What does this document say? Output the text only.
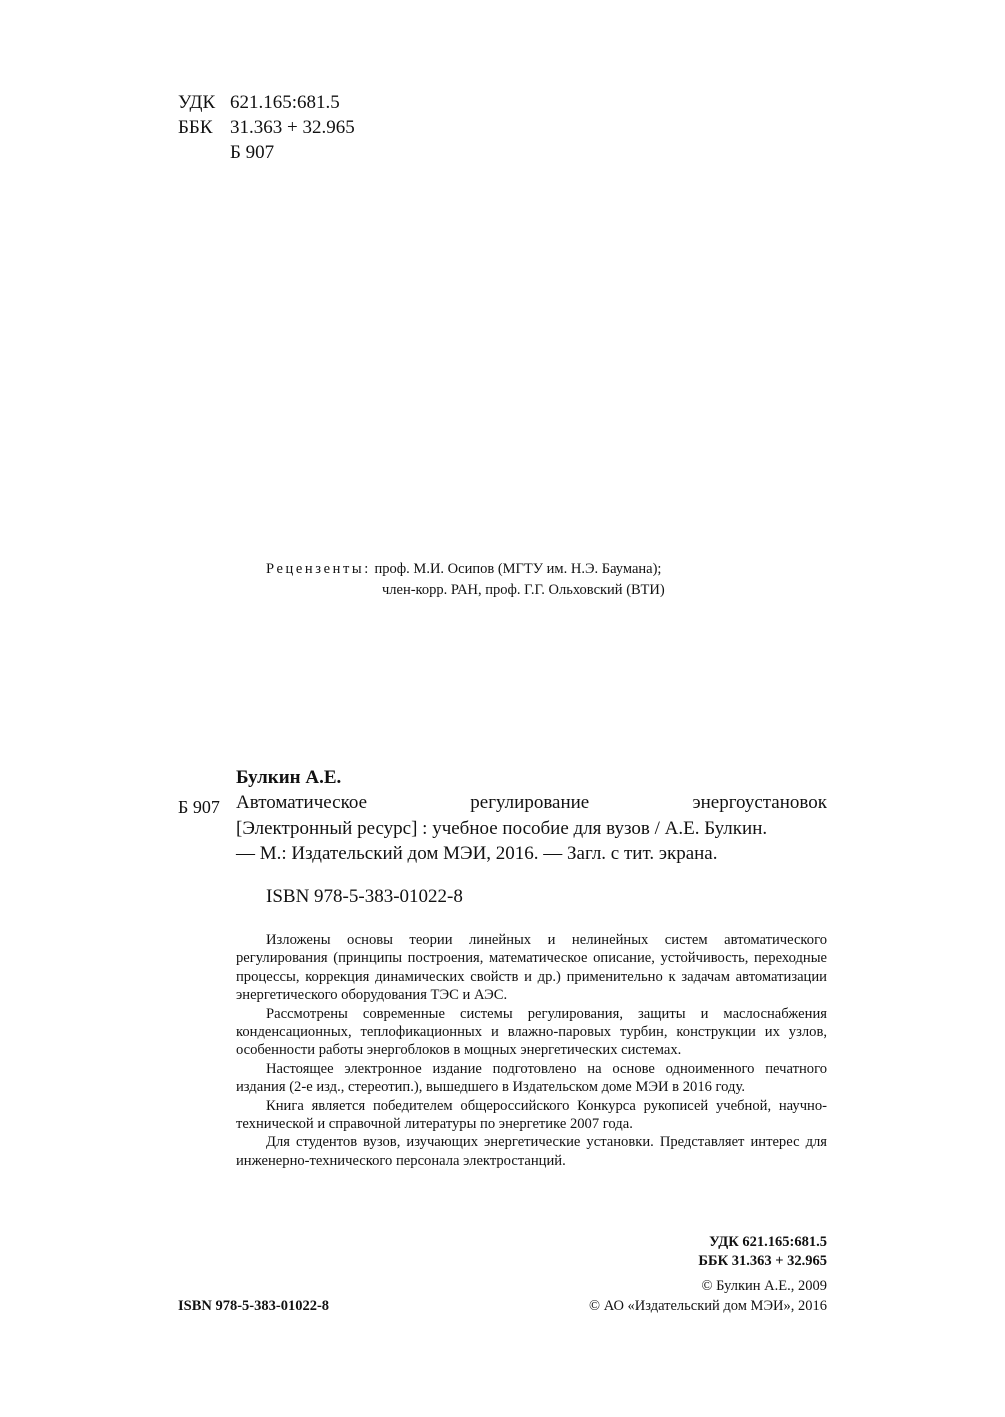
УДК 621.165:681.5
ББК 31.363 + 32.965
Б 907
Рецензенты: проф. М.И. Осипов (МГТУ им. Н.Э. Баумана);
член-корр. РАН, проф. Г.Г. Ольховский (ВТИ)
Булкин А.Е.
Б 907 Автоматическое	регулирование	энергоустановок
[Электронный ресурс] : учебное пособие для вузов / А.Е. Булкин.
— М.: Издательский дом МЭИ, 2016. — Загл. с тит. экрана.
ISBN 978-5-383-01022-8

Изложены основы теории линейных и нелинейных систем автоматического регулирования (принципы построения, математическое описание, устойчивость, переходные процессы, коррекция динамических свойств и др.) применительно к задачам автоматизации энергетического оборудования ТЭС и АЭС.

Рассмотрены современные системы регулирования, защиты и маслоснабжения конденсационных, теплофикационных и влажно-паровых турбин, конструкции их узлов, особенности работы энергоблоков в мощных энергетических системах.

Настоящее электронное издание подготовлено на основе одноименного печатного издания (2-е изд., стереотип.), вышедшего в Издательском доме МЭИ в 2016 году.

Книга является победителем общероссийского Конкурса рукописей учебной, научно-технической и справочной литературы по энергетике 2007 года.

Для студентов вузов, изучающих энергетические установки. Представляет интерес для инженерно-технического персонала электростанций.

УДК 621.165:681.5
ББК 31.363 + 32.965
© Булкин А.Е., 2009
© АО «Издательский дом МЭИ», 2016
ISBN 978-5-383-01022-8
